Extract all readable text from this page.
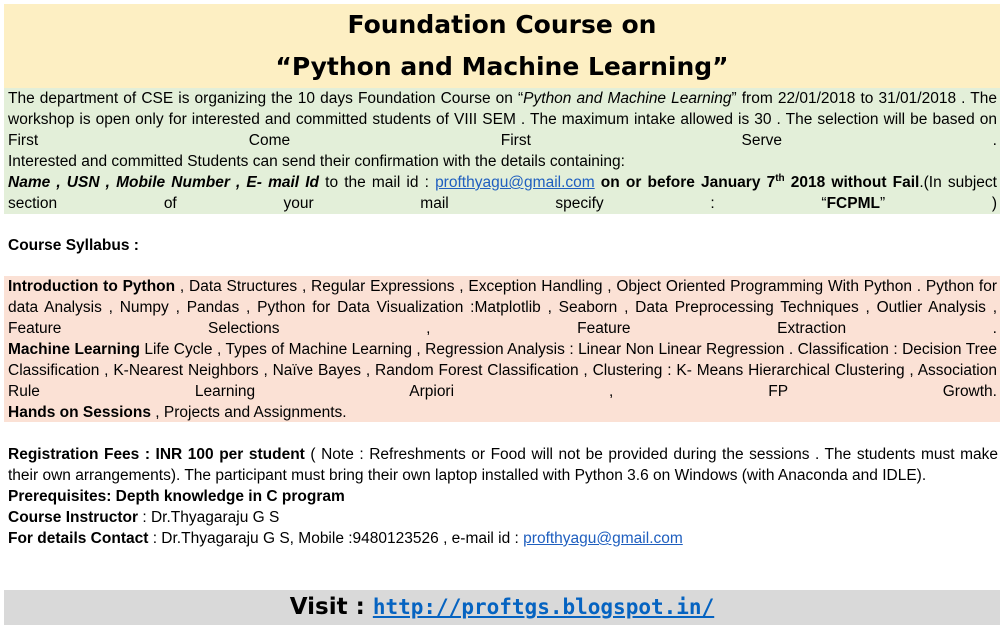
Foundation Course on
“Python and Machine Learning”

The department of CSE is organizing the 10 days Foundation Course on “Python and Machine Learning” from 22/01/2018 to 31/01/2018 . The workshop is open only for interested and committed students of VIII SEM . The maximum intake allowed is 30 . The selection will be based on First Come First Serve .

Interested and committed Students can send their confirmation with the details containing:

Name , USN , Mobile Number , E- mail Id to the mail id : profthyagu@gmail.com on or before January 7th 2018 without Fail.(In subject section of your mail specify : “FCPML” )

Course Syllabus :

Introduction to Python , Data Structures , Regular Expressions , Exception Handling , Object Oriented Programming With Python . Python for data Analysis , Numpy , Pandas , Python for Data Visualization :Matplotlib , Seaborn , Data Preprocessing Techniques , Outlier Analysis , Feature Selections , Feature Extraction .

Machine Learning Life Cycle , Types of Machine Learning , Regression Analysis : Linear Non Linear Regression . Classification : Decision Tree Classification , K-Nearest Neighbors , Naïve Bayes , Random Forest Classification , Clustering : K- Means Hierarchical Clustering , Association Rule Learning Arpiori , FP Growth.

Hands on Sessions , Projects and Assignments.

Registration Fees : INR 100 per student ( Note : Refreshments or Food will not be provided during the sessions . The students must make their own arrangements). The participant must bring their own laptop installed with Python 3.6 on Windows (with Anaconda and IDLE).

Prerequisites: Depth knowledge in C program

Course Instructor : Dr.Thyagaraju G S

For details Contact : Dr.Thyagaraju G S, Mobile :9480123526 , e-mail id : profthyagu@gmail.com

Visit : http://proftgs.blogspot.in/
